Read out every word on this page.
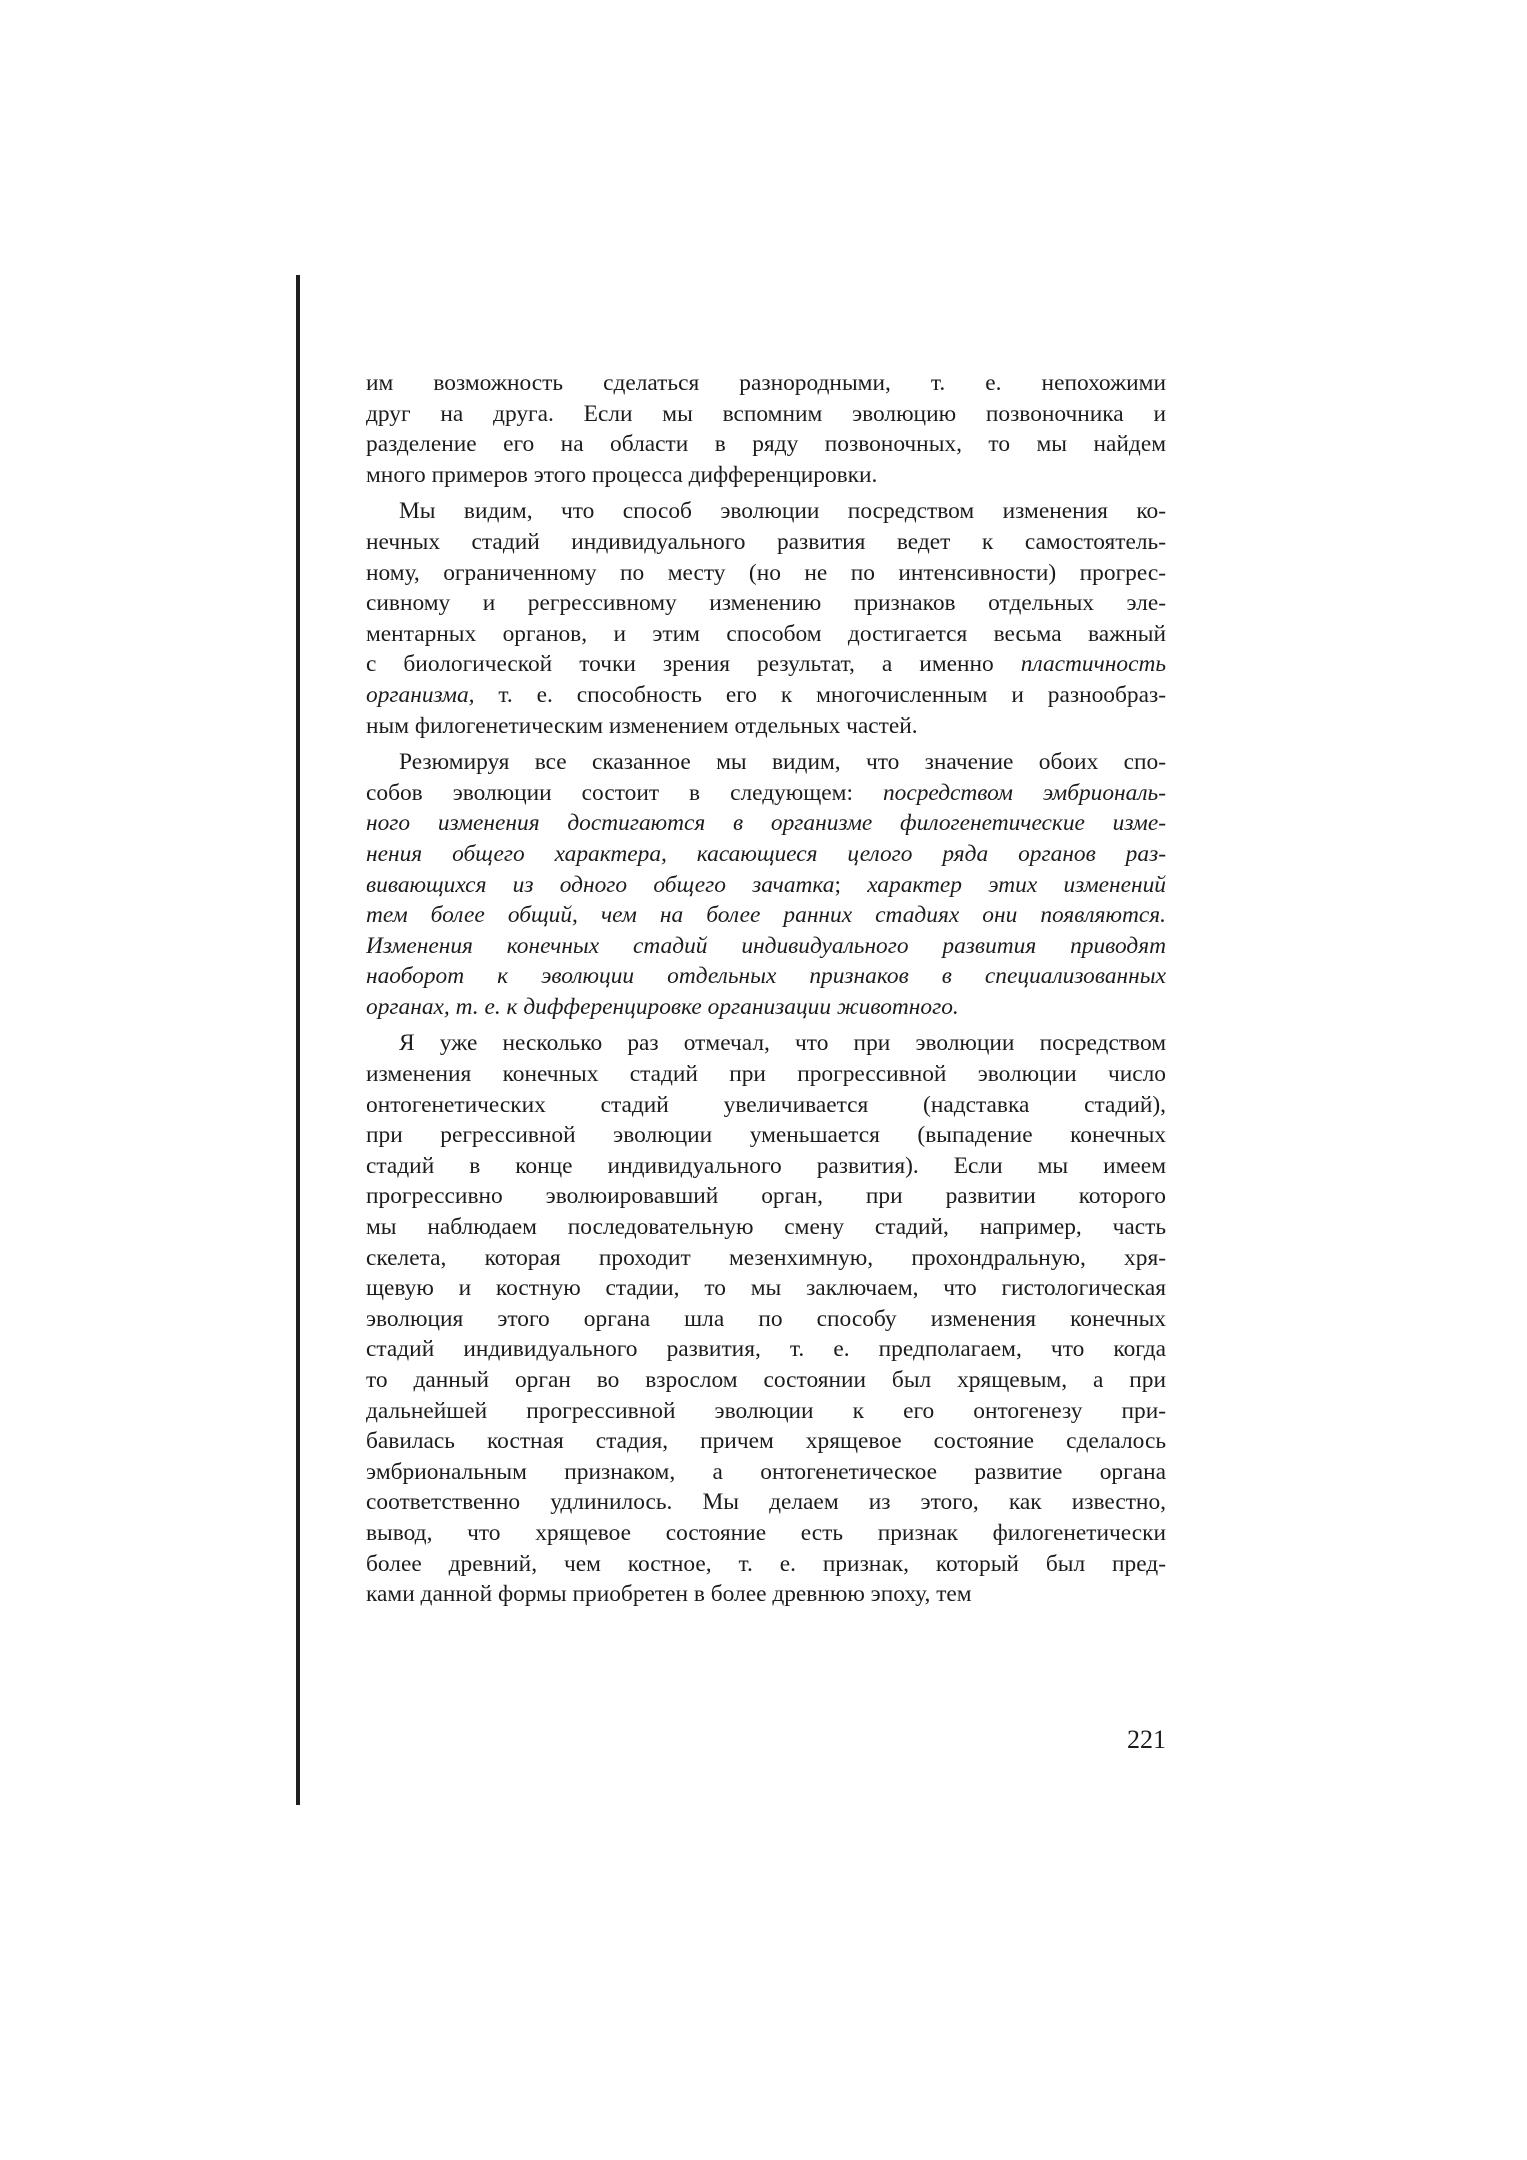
им возможность сделаться разнородными, т. е. непохожими
друг на друга. Если мы вспомним эволюцию позвоночника и
разделение его на области в ряду позвоночных, то мы найдем
много примеров этого процесса дифференцировки.

Мы видим, что способ эволюции посредством изменения ко-
нечных стадий индивидуального развития ведет к самостоятель-
ному, ограниченному по месту (но не по интенсивности) прогрес-
сивному и регрессивному изменению признаков отдельных эле-
ментарных органов, и этим способом достигается весьма важный
с биологической точки зрения результат, а именно пластичность
организма, т. е. способность его к многочисленным и разнообраз-
ным филогенетическим изменением отдельных частей.

Резюмируя все сказанное мы видим, что значение обоих спо-
собов эволюции состоит в следующем: посредством эмбриональ-
ного изменения достигаются в организме филогенетические изме-
нения общего характера, касающиеся целого ряда органов раз-
вивающихся из одного общего зачатка; характер этих изменений
тем более общий, чем на более ранних стадиях они появляются.
Изменения конечных стадий индивидуального развития приводят
наоборот к эволюции отдельных признаков в специализованных
органах, т. е. к дифференцировке организации животного.

Я уже несколько раз отмечал, что при эволюции посредством
изменения конечных стадий при прогрессивной эволюции число
онтогенетических стадий увеличивается (надставка стадий),
при регрессивной эволюции уменьшается (выпадение конечных
стадий в конце индивидуального развития). Если мы имеем
прогрессивно эволюировавший орган, при развитии которого
мы наблюдаем последовательную смену стадий, например, часть
скелета, которая проходит мезенхимную, прохондральную, хря-
щевую и костную стадии, то мы заключаем, что гистологическая
эволюция этого органа шла по способу изменения конечных
стадий индивидуального развития, т. е. предполагаем, что когда
то данный орган во взрослом состоянии был хрящевым, а при
дальнейшей прогрессивной эволюции к его онтогенезу при-
бавилась костная стадия, причем хрящевое состояние сделалось
эмбриональным признаком, а онтогенетическое развитие органа
соответственно удлинилось. Мы делаем из этого, как известно,
вывод, что хрящевое состояние есть признак филогенетически
более древний, чем костное, т. е. признак, который был пред-
ками данной формы приобретен в более древнюю эпоху, тем

221
